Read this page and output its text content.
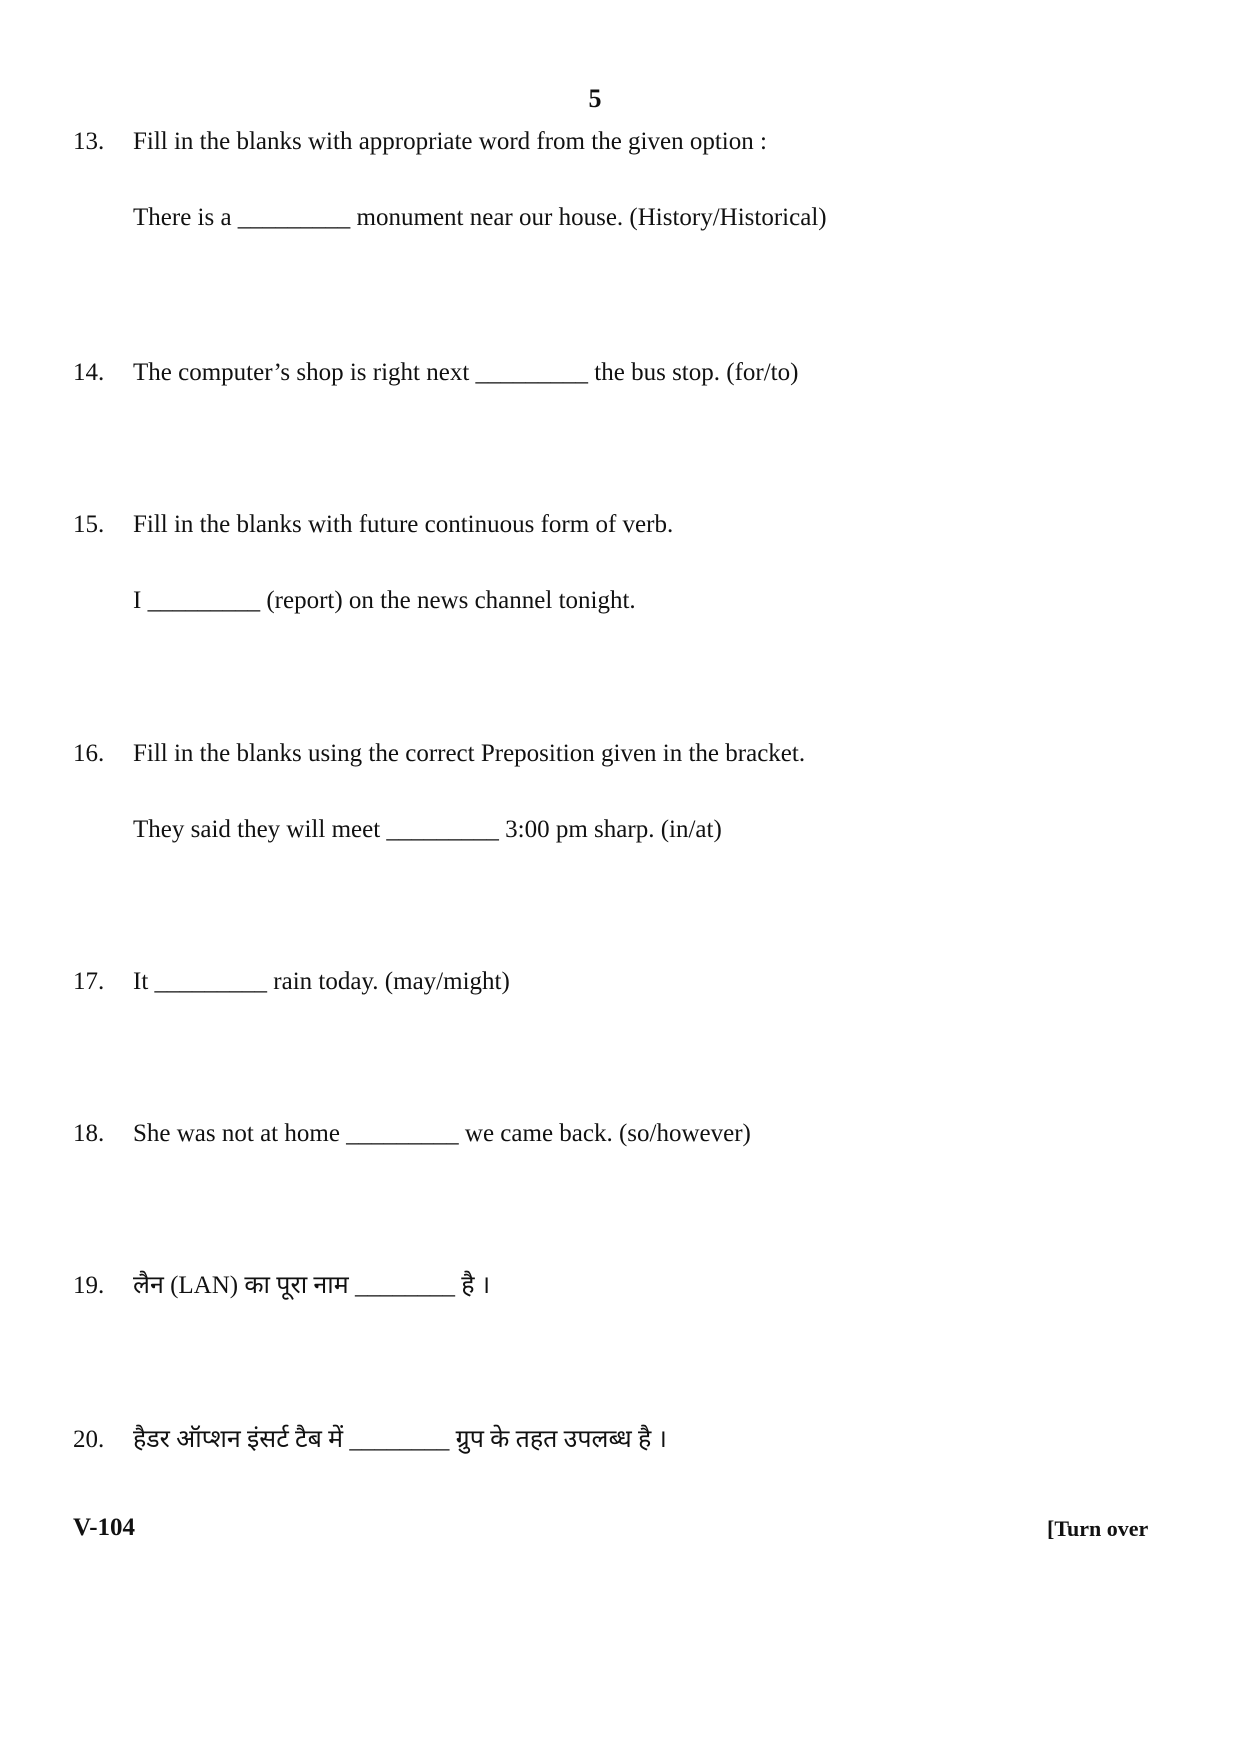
5
13. Fill in the blanks with appropriate word from the given option :
There is a _________ monument near our house. (History/Historical)
14. The computer’s shop is right next _________ the bus stop. (for/to)
15. Fill in the blanks with future continuous form of verb.
I _________ (report) on the news channel tonight.
16. Fill in the blanks using the correct Preposition given in the bracket.
They said they will meet _________ 3:00 pm sharp. (in/at)
17. It _________ rain today. (may/might)
18. She was not at home _________ we came back. (so/however)
19. लैन (LAN) का पूरा नाम ________ है ।
20. हैडर ऑप्शन इंसर्ट टैब में ________ ग्रुप के तहत उपलब्ध है ।
V-104	[Turn over
